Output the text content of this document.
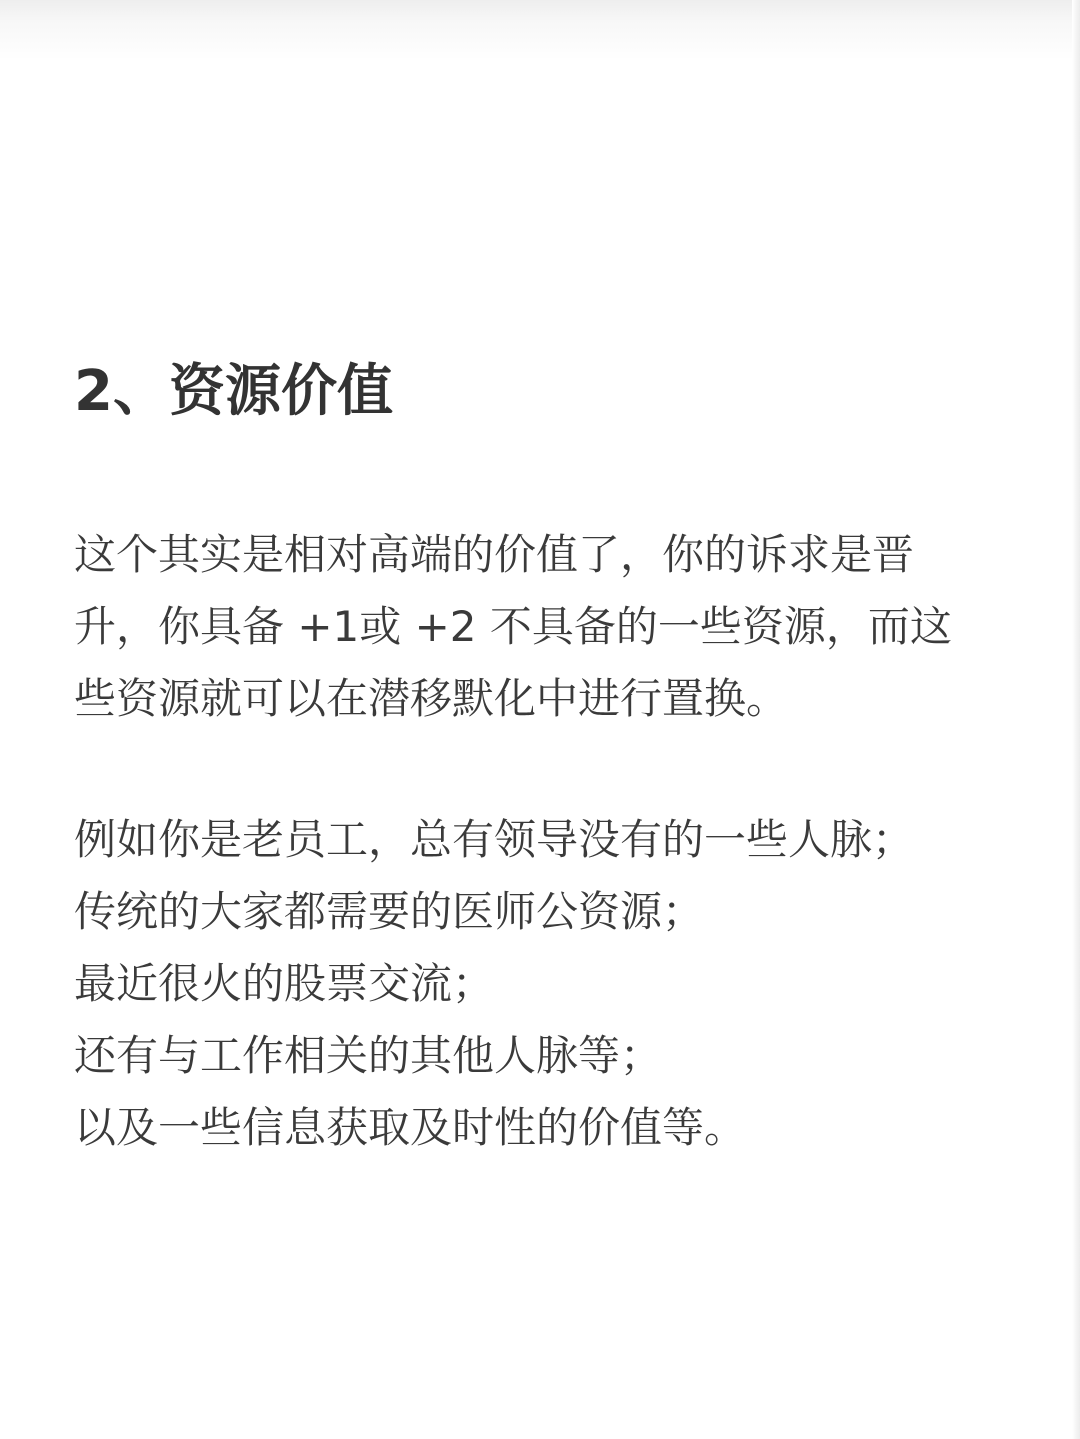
2、资源价值
这个其实是相对高端的价值了，你的诉求是晋
升，你具备 +1或 +2 不具备的一些资源，而这
些资源就可以在潜移默化中进行置换。
例如你是老员工，总有领导没有的一些人脉；
传统的大家都需要的医师公资源；
最近很火的股票交流；
还有与工作相关的其他人脉等；
以及一些信息获取及时性的价值等。
